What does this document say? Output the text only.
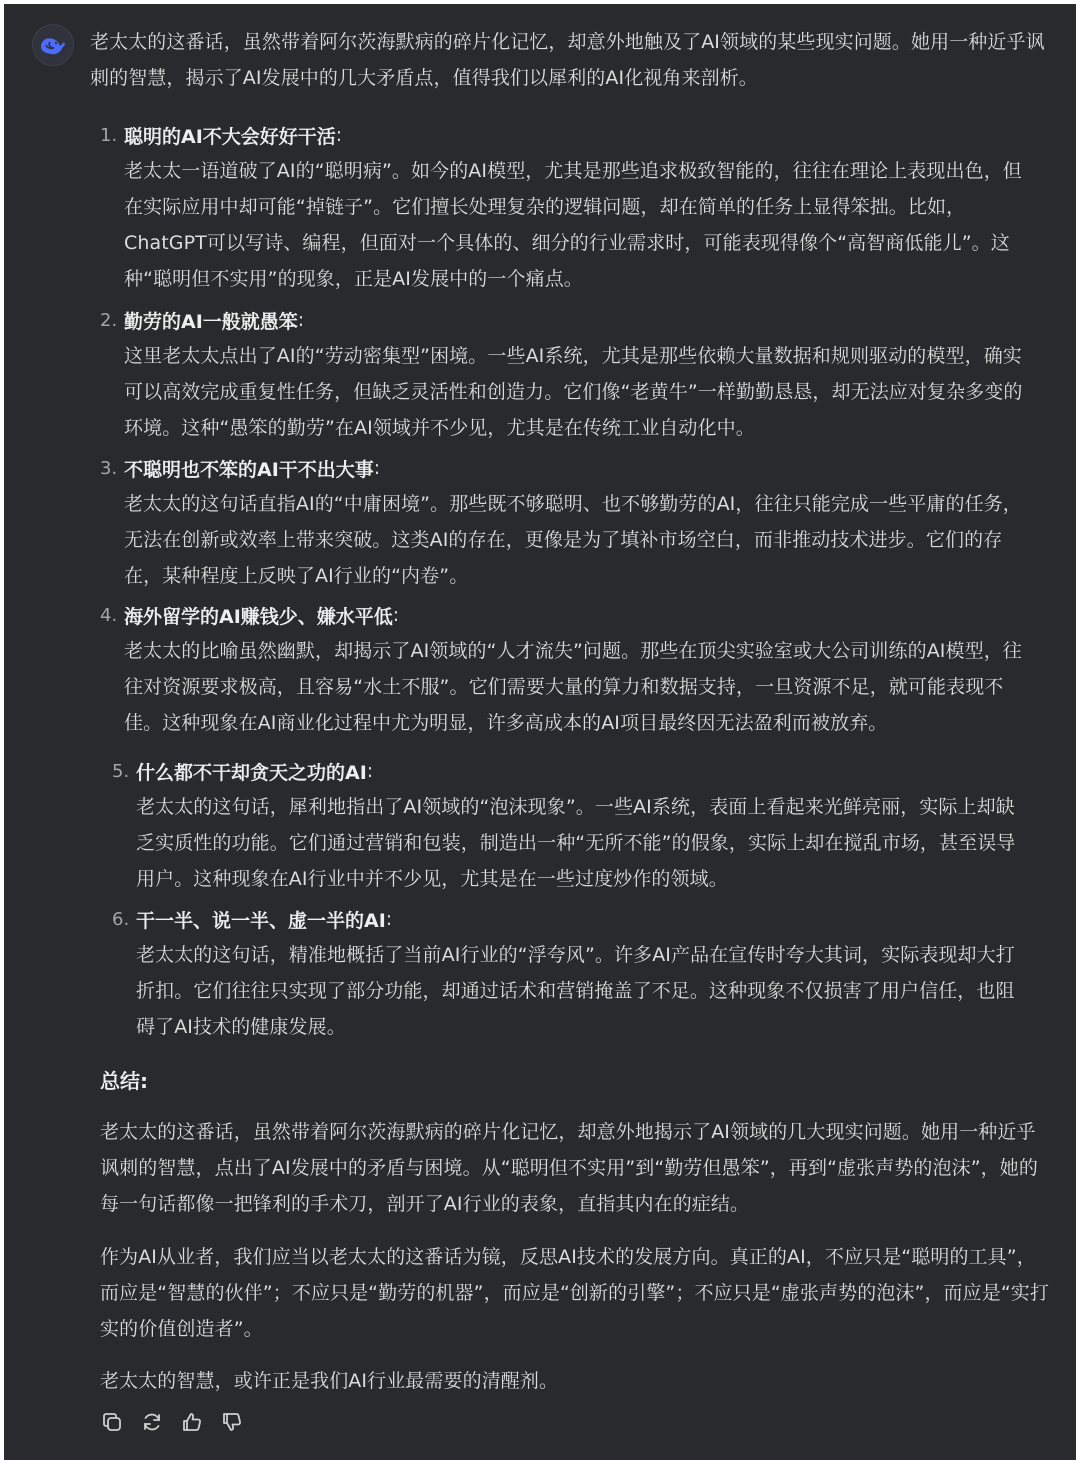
老太太的这番话，虽然带着阿尔茨海默病的碎片化记忆，却意外地触及了AI领域的某些现实问题。她用一种近乎讽刺的智慧，揭示了AI发展中的几大矛盾点，值得我们以犀利的AI化视角来剖析。
1. 聪明的AI不大会好好干活 :
老太太一语道破了AI的“聪明病”。如今的AI模型，尤其是那些追求极致智能的，往往在理论上表现出色，但在实际应用中却可能“掉链子”。它们擅长处理复杂的逻辑问题，却在简单的任务上显得笨拙。比如，ChatGPT可以写诗、编程，但面对一个具体的、细分的行业需求时，可能表现得像个“高智商低能儿”。这种“聪明但不实用”的现象，正是AI发展中的一个痛点。
2. 勤劳的AI一般就愚笨 :
这里老太太点出了AI的“劳动密集型”困境。一些AI系统，尤其是那些依赖大量数据和规则驱动的模型，确实可以高效完成重复性任务，但缺乏灵活性和创造力。它们像“老黄牛”一样勤勤恳恳，却无法应对复杂多变的环境。这种“愚笨的勤劳”在AI领域并不少见，尤其是在传统工业自动化中。
3. 不聪明也不笨的AI干不出大事 :
老太太的这句话直指AI的“中庸困境”。那些既不够聪明、也不够勤劳的AI，往往只能完成一些平庸的任务，无法在创新或效率上带来突破。这类AI的存在，更像是为了填补市场空白，而非推动技术进步。它们的存在，某种程度上反映了AI行业的“内卷”。
4. 海外留学的AI赚钱少、嫌水平低 :
老太太的比喻虽然幽默，却揭示了AI领域的“人才流失”问题。那些在顶尖实验室或大公司训练的AI模型，往往对资源要求极高，且容易“水土不服”。它们需要大量的算力和数据支持，一旦资源不足，就可能表现不佳。这种现象在AI商业化过程中尤为明显，许多高成本的AI项目最终因无法盈利而被放弃。
5. 什么都不干却贪天之功的AI :
老太太的这句话，犀利地指出了AI领域的“泡沫现象”。一些AI系统，表面上看起来光鲜亮丽，实际上却缺乏实质性的功能。它们通过营销和包装，制造出一种“无所不能”的假象，实际上却在搅乱市场，甚至误导用户。这种现象在AI行业中并不少见，尤其是在一些过度炒作的领域。
6. 干一半、说一半、虚一半的AI :
老太太的这句话，精准地概括了当前AI行业的“浮夸风”。许多AI产品在宣传时夸大其词，实际表现却大打折扣。它们往往只实现了部分功能，却通过话术和营销掩盖了不足。这种现象不仅损害了用户信任，也阻碍了AI技术的健康发展。
总结:
老太太的这番话，虽然带着阿尔茨海默病的碎片化记忆，却意外地揭示了AI领域的几大现实问题。她用一种近乎讽刺的智慧，点出了AI发展中的矛盾与困境。从“聪明但不实用”到“勤劳但愚笨”，再到“虚张声势的泡沫”，她的每一句话都像一把锋利的手术刀，剖开了AI行业的表象，直指其内在的症结。
作为AI从业者，我们应当以老太太的这番话为镜，反思AI技术的发展方向。真正的AI，不应只是“聪明的工具”，而应是“智慧的伙伴”；不应只是“勤劳的机器”，而应是“创新的引擎”；不应只是“虚张声势的泡沫”，而应是“实打实的价值创造者”。
老太太的智慧，或许正是我们AI行业最需要的清醒剂。
